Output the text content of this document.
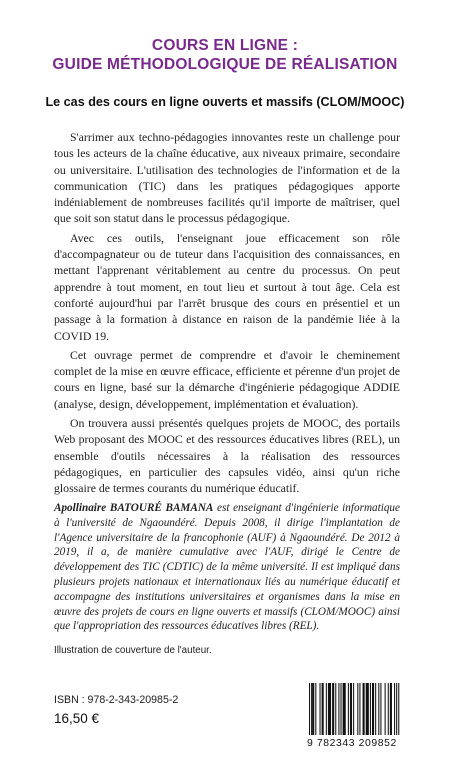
COURS EN LIGNE :
GUIDE MÉTHODOLOGIQUE DE RÉALISATION
Le cas des cours en ligne ouverts et massifs (CLOM/MOOC)

S'arrimer aux techno-pédagogies innovantes reste un challenge pour tous les acteurs de la chaîne éducative, aux niveaux primaire, secondaire ou universitaire. L'utilisation des technologies de l'information et de la communication (TIC) dans les pratiques pédagogiques apporte indéniablement de nombreuses facilités qu'il importe de maîtriser, quel que soit son statut dans le processus pédagogique.

Avec ces outils, l'enseignant joue efficacement son rôle d'accompagnateur ou de tuteur dans l'acquisition des connaissances, en mettant l'apprenant véritablement au centre du processus. On peut apprendre à tout moment, en tout lieu et surtout à tout âge. Cela est conforté aujourd'hui par l'arrêt brusque des cours en présentiel et un passage à la formation à distance en raison de la pandémie liée à la COVID 19.

Cet ouvrage permet de comprendre et d'avoir le cheminement complet de la mise en œuvre efficace, efficiente et pérenne d'un projet de cours en ligne, basé sur la démarche d'ingénierie pédagogique ADDIE (analyse, design, développement, implémentation et évaluation).

On trouvera aussi présentés quelques projets de MOOC, des portails Web proposant des MOOC et des ressources éducatives libres (REL), un ensemble d'outils nécessaires à la réalisation des ressources pédagogiques, en particulier des capsules vidéo, ainsi qu'un riche glossaire de termes courants du numérique éducatif.

Apollinaire BATOURÉ BAMANA est enseignant d'ingénierie informatique à l'université de Ngaoundéré. Depuis 2008, il dirige l'implantation de l'Agence universitaire de la francophonie (AUF) à Ngaoundéré. De 2012 à 2019, il a, de manière cumulative avec l'AUF, dirigé le Centre de développement des TIC (CDTIC) de la même université. Il est impliqué dans plusieurs projets nationaux et internationaux liés au numérique éducatif et accompagne des institutions universitaires et organismes dans la mise en œuvre des projets de cours en ligne ouverts et massifs (CLOM/MOOC) ainsi que l'appropriation des ressources éducatives libres (REL).
Illustration de couverture de l'auteur.
ISBN : 978-2-343-20985-2
16,50 €
9 782343 209852
